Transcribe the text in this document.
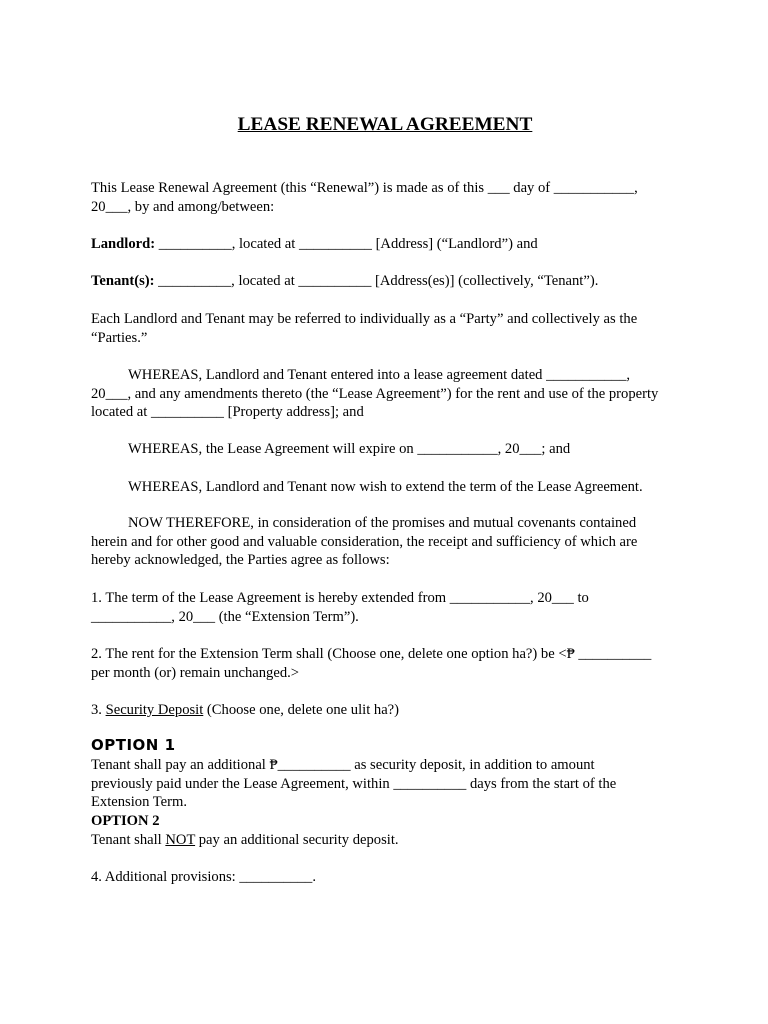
LEASE RENEWAL AGREEMENT

This Lease Renewal Agreement (this “Renewal”) is made as of this ___ day of ___________,
20___, by and among/between:

Landlord: __________, located at __________ [Address] (“Landlord”) and

Tenant(s): __________, located at __________ [Address(es)] (collectively, “Tenant”).

Each Landlord and Tenant may be referred to individually as a “Party” and collectively as the
“Parties.”

WHEREAS, Landlord and Tenant entered into a lease agreement dated ___________,
20___, and any amendments thereto (the “Lease Agreement”) for the rent and use of the property
located at __________ [Property address]; and

WHEREAS, the Lease Agreement will expire on ___________, 20___; and

WHEREAS, Landlord and Tenant now wish to extend the term of the Lease Agreement.

NOW THEREFORE, in consideration of the promises and mutual covenants contained
herein and for other good and valuable consideration, the receipt and sufficiency of which are
hereby acknowledged, the Parties agree as follows:

1. The term of the Lease Agreement is hereby extended from ___________, 20___ to
___________, 20___ (the “Extension Term”).

2. The rent for the Extension Term shall (Choose one, delete one option ha?) be <₱ __________
per month (or) remain unchanged.>

3. Security Deposit (Choose one, delete one ulit ha?)

OPTION 1

Tenant shall pay an additional ₱__________ as security deposit, in addition to amount
previously paid under the Lease Agreement, within __________ days from the start of the
Extension Term.

OPTION 2
Tenant shall NOT pay an additional security deposit.

4. Additional provisions: __________.
